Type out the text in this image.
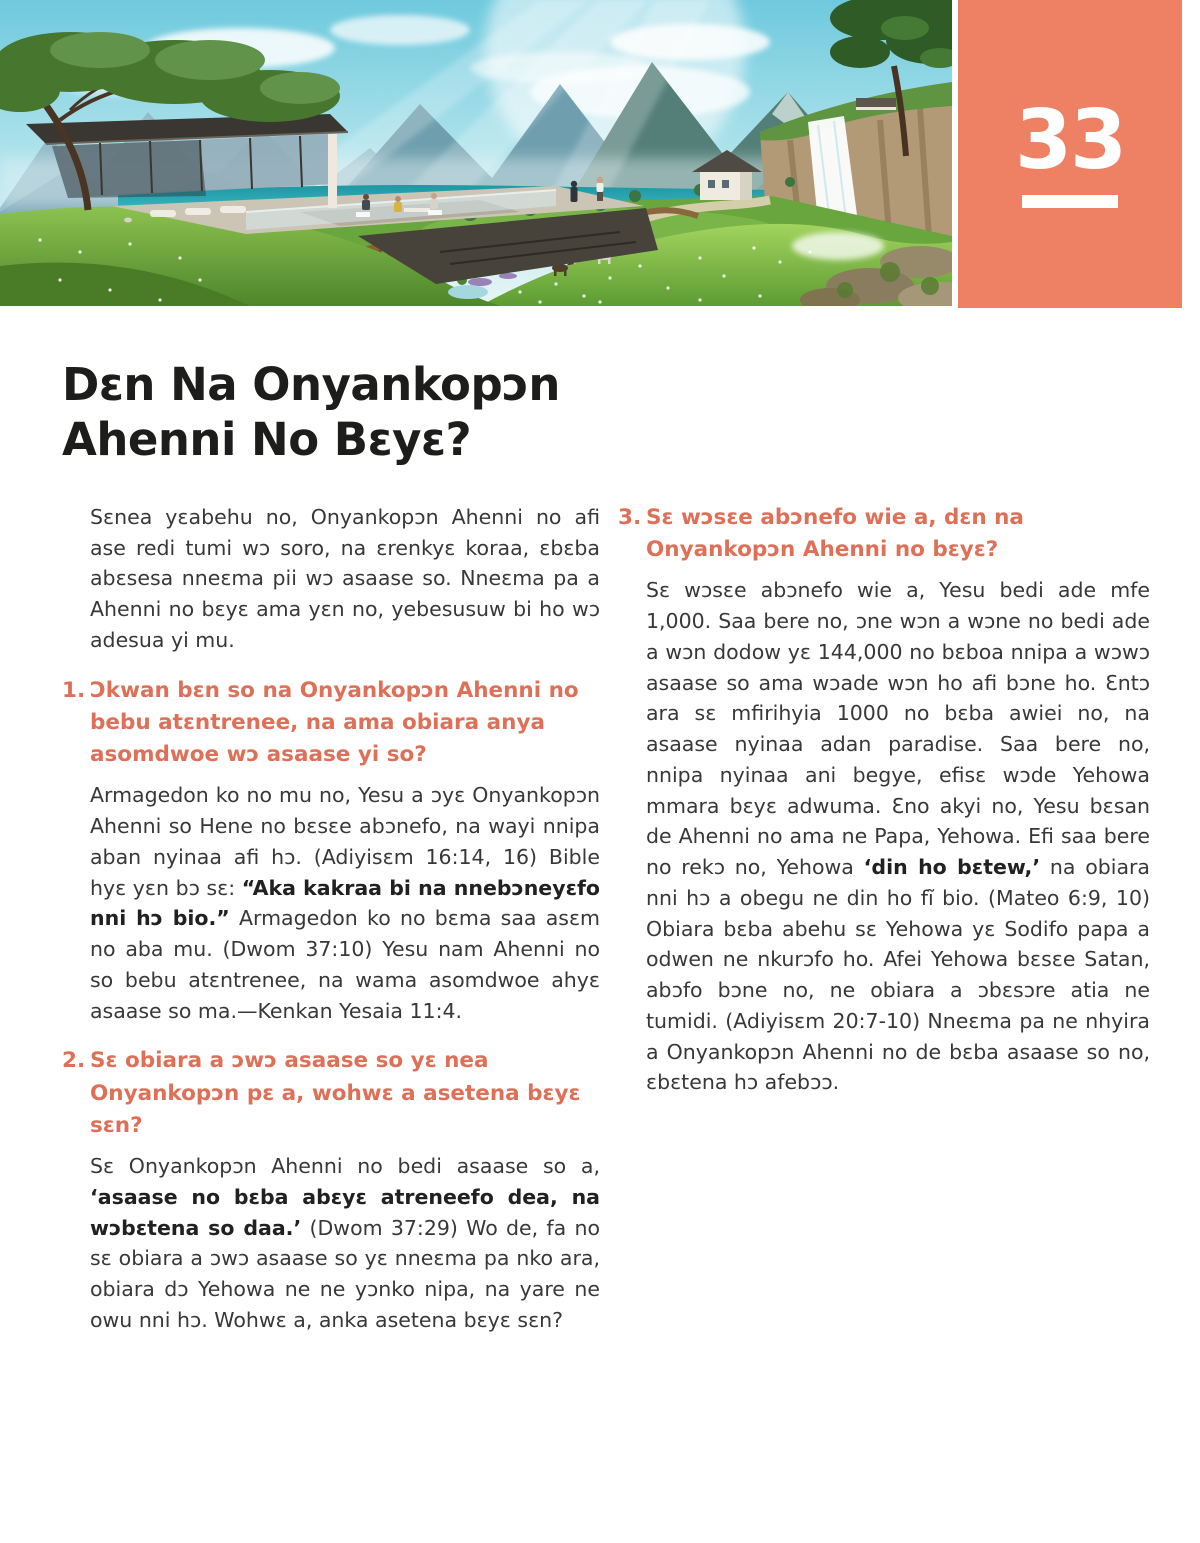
33
Dɛn Na Onyankopɔn Ahenni No Bɛyɛ?

Sɛnea yɛabehu no, Onyankopɔn Ahenni no afi ase redi tumi wɔ soro, na ɛrenkyɛ koraa, ɛbɛba abɛsesa nneɛma pii wɔ asaase so. Nneɛma pa a Ahenni no bɛyɛ ama yɛn no, yebesusuw bi ho wɔ adesua yi mu.

1. Ɔkwan bɛn so na Onyankopɔn Ahenni no bebu atɛntrenee, na ama obiara anya asomdwoe wɔ asaase yi so?

Armagedon ko no mu no, Yesu a ɔyɛ Onyankopɔn Ahenni so Hene no bɛsɛe abɔnefo, na wayi nnipa aban nyinaa afi hɔ. (Adiyisɛm 16:14, 16) Bible hyɛ yɛn bɔ sɛ: “Aka kakraa bi na nnebɔneyɛfo nni hɔ bio.” Armagedon ko no bɛma saa asɛm no aba mu. (Dwom 37:10) Yesu nam Ahenni no so bebu atɛntrenee, na wama asomdwoe ahyɛ asaase so ma.—Kenkan Yesaia 11:4.

2. Sɛ obiara a ɔwɔ asaase so yɛ nea Onyankopɔn pɛ a, wohwɛ a asetena bɛyɛ sɛn?

Sɛ Onyankopɔn Ahenni no bedi asaase so a, ‘asaase no bɛba abɛyɛ atreneefo dea, na wɔbɛtena so daa.’ (Dwom 37:29) Wo de, fa no sɛ obiara a ɔwɔ asaase so yɛ nneɛma pa nko ara, obiara dɔ Yehowa ne ne yɔnko nipa, na yare ne owu nni hɔ. Wohwɛ a, anka asetena bɛyɛ sɛn?

3. Sɛ wɔsɛe abɔnefo wie a, dɛn na Onyankopɔn Ahenni no bɛyɛ?

Sɛ wɔsɛe abɔnefo wie a, Yesu bedi ade mfe 1,000. Saa bere no, ɔne wɔn a wɔne no bedi ade a wɔn dodow yɛ 144,000 no bɛboa nnipa a wɔwɔ asaase so ama wɔade wɔn ho afi bɔne ho. Ɛntɔ ara sɛ mfirihyia 1000 no bɛba awiei no, na asaase nyinaa adan paradise. Saa bere no, nnipa nyinaa ani begye, efisɛ wɔde Yehowa mmara bɛyɛ adwuma. Ɛno akyi no, Yesu bɛsan de Ahenni no ama ne Papa, Yehowa. Efi saa bere no rekɔ no, Yehowa ‘din ho bɛtew,’ na obiara nni hɔ a obegu ne din ho fĩ bio. (Mateo 6:9, 10) Obiara bɛba abehu sɛ Yehowa yɛ Sodifo papa a odwen ne nkurɔfo ho. Afei Yehowa bɛsɛe Satan, abɔfo bɔne no, ne obiara a ɔbɛsɔre atia ne tumidi. (Adiyisɛm 20:7-10) Nneɛma pa ne nhyira a Onyankopɔn Ahenni no de bɛba asaase so no, ɛbɛtena hɔ afebɔɔ.
